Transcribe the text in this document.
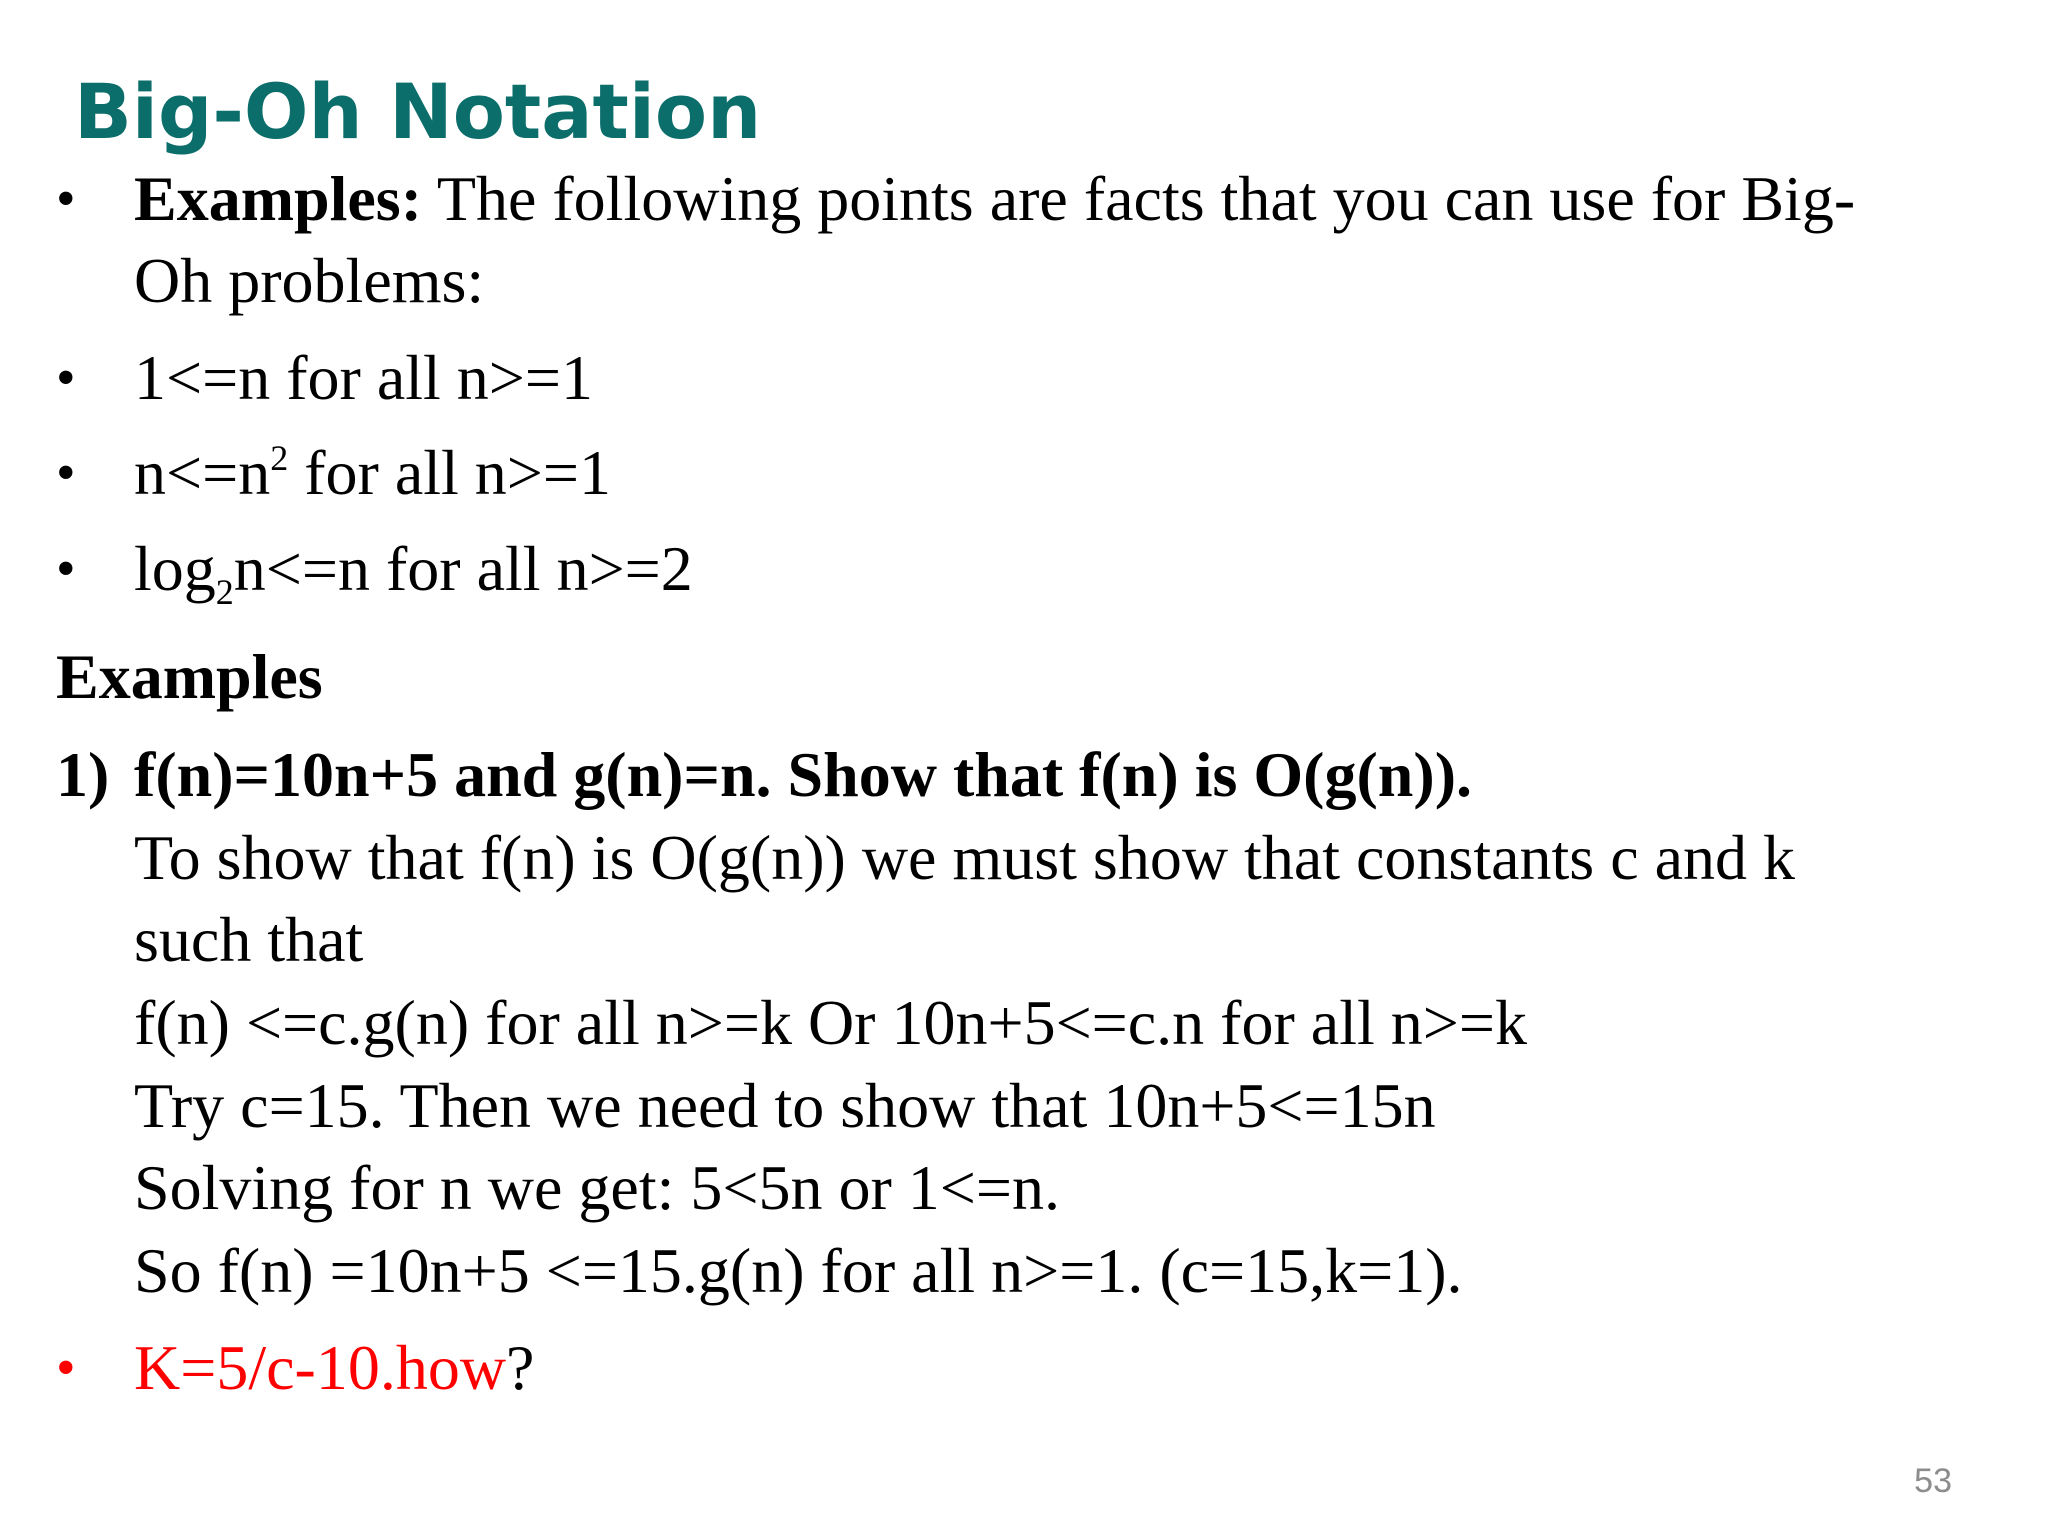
Big-Oh Notation
• Examples: The following points are facts that you can use for Big-

Oh problems:

• 1<=n for all n>=1

• $n<=n^2$ for all n>=1

• $\log_2n<=n$ for all n>=2

Examples

1) f(n)=10n+5 and g(n)=n. Show that f(n) is O(g(n)).

To show that f(n) is O(g(n)) we must show that constants c and k

such that

f(n) <=c.g(n) for all n>=k Or 10n+5<=c.n for all n>=k

Try c=15. Then we need to show that 10n+5<=15n

Solving for n we get: 5<5n or 1<=n.

So f(n) =10n+5 <=15.g(n) for all n>=1. (c=15,k=1).

• K=5/c-10.how?

53
